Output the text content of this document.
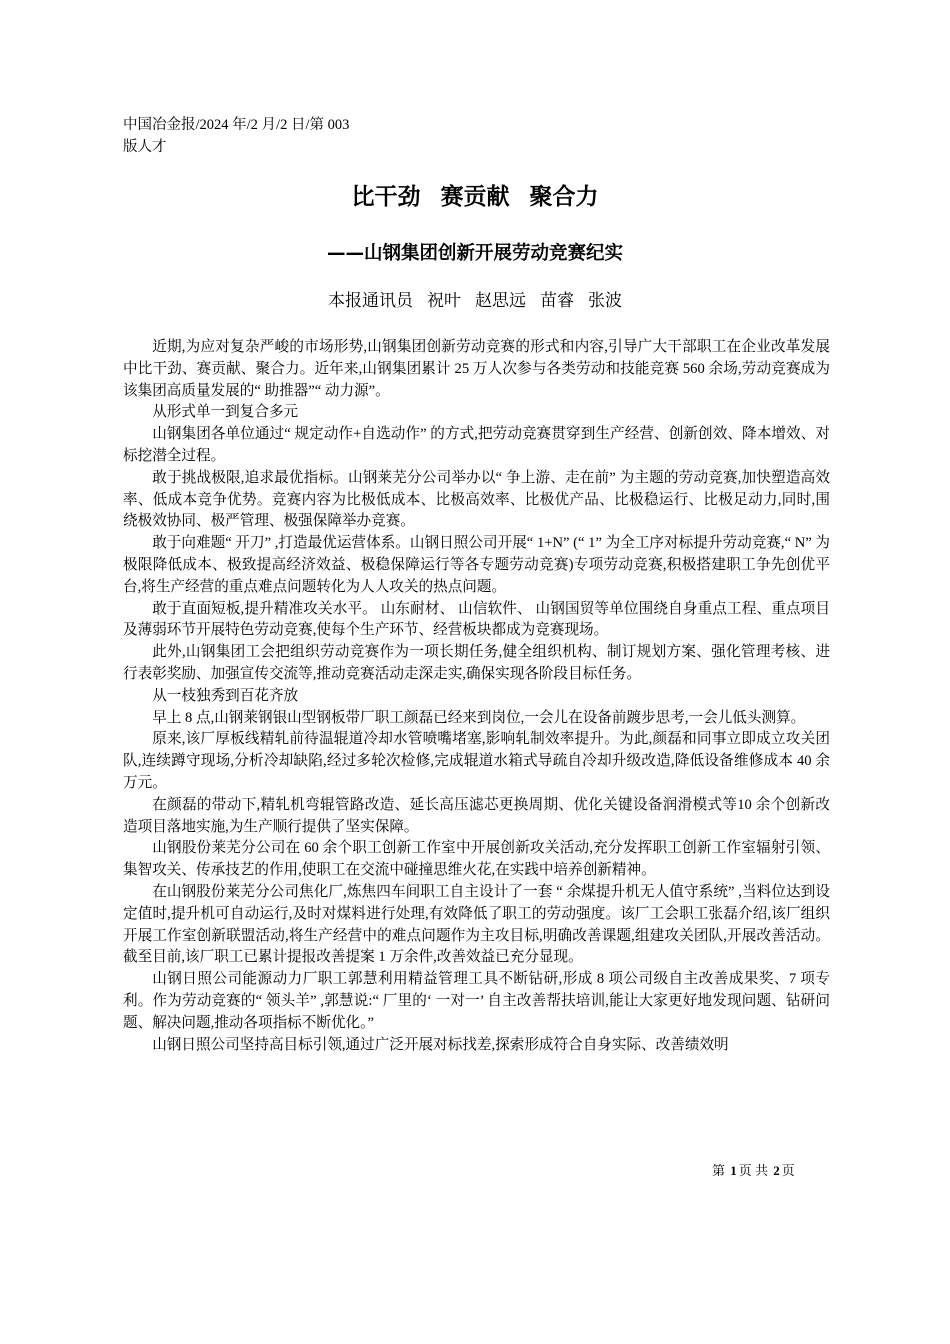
中国冶金报/2024 年/2 月/2 日/第 003
版人才
比干劲 赛贡献 聚合力
——山钢集团创新开展劳动竞赛纪实
本报通讯员 祝叶 赵思远 苗睿 张波

近期,为应对复杂严峻的市场形势,山钢集团创新劳动竞赛的形式和内容,引导广大干部职工在企业改革发展中比干劲、赛贡献、聚合力。近年来,山钢集团累计 25 万人次参与各类劳动和技能竞赛 560 余场,劳动竞赛成为该集团高质量发展的“ 助推器”“ 动力源”。

从形式单一到复合多元

山钢集团各单位通过“ 规定动作+自选动作” 的方式,把劳动竞赛贯穿到生产经营、创新创效、降本增效、对标挖潜全过程。

敢于挑战极限,追求最优指标。山钢莱芜分公司举办以“ 争上游、走在前” 为主题的劳动竞赛,加快塑造高效率、低成本竞争优势。竞赛内容为比极低成本、比极高效率、比极优产品、比极稳运行、比极足动力,同时,围绕极效协同、极严管理、极强保障举办竞赛。

敢于向难题“ 开刀” ,打造最优运营体系。山钢日照公司开展“ 1+N” (“ 1” 为全工序对标提升劳动竞赛,“ N” 为极限降低成本、极致提高经济效益、极稳保障运行等各专题劳动竞赛)专项劳动竞赛,积极搭建职工争先创优平台,将生产经营的重点难点问题转化为人人攻关的热点问题。

敢于直面短板,提升精准攻关水平。 山东耐材、 山信软件、 山钢国贸等单位围绕自身重点工程、重点项目及薄弱环节开展特色劳动竞赛,使每个生产环节、经营板块都成为竞赛现场。

此外,山钢集团工会把组织劳动竞赛作为一项长期任务,健全组织机构、制订规划方案、强化管理考核、进行表彰奖励、加强宣传交流等,推动竞赛活动走深走实,确保实现各阶段目标任务。

从一枝独秀到百花齐放

早上 8 点,山钢莱钢银山型钢板带厂职工颜磊已经来到岗位,一会儿在设备前踱步思考,一会儿低头测算。

原来,该厂厚板线精轧前待温辊道冷却水管喷嘴堵塞,影响轧制效率提升。为此,颜磊和同事立即成立攻关团队,连续蹲守现场,分析冷却缺陷,经过多轮次检修,完成辊道水箱式导疏自冷却升级改造,降低设备维修成本 40 余万元。

在颜磊的带动下,精轧机弯辊管路改造、延长高压滤芯更换周期、优化关键设备润滑模式等10 余个创新改造项目落地实施,为生产顺行提供了坚实保障。

山钢股份莱芜分公司在 60 余个职工创新工作室中开展创新攻关活动,充分发挥职工创新工作室辐射引领、集智攻关、传承技艺的作用,使职工在交流中碰撞思维火花,在实践中培养创新精神。

在山钢股份莱芜分公司焦化厂,炼焦四车间职工自主设计了一套 “ 余煤提升机无人值守系统” ,当料位达到设定值时,提升机可自动运行,及时对煤料进行处理,有效降低了职工的劳动强度。该厂工会职工张磊介绍,该厂组织开展工作室创新联盟活动,将生产经营中的难点问题作为主攻目标,明确改善课题,组建攻关团队,开展改善活动。截至目前,该厂职工已累计提报改善提案 1 万余件,改善效益已充分显现。

山钢日照公司能源动力厂职工郭慧利用精益管理工具不断钻研,形成 8 项公司级自主改善成果奖、7 项专利。作为劳动竞赛的“ 领头羊” ,郭慧说:“ 厂里的‘ 一对一’ 自主改善帮扶培训,能让大家更好地发现问题、钻研问题、解决问题,推动各项指标不断优化。”

山钢日照公司坚持高目标引领,通过广泛开展对标找差,探索形成符合自身实际、改善绩效明

第 1 页 共 2 页
